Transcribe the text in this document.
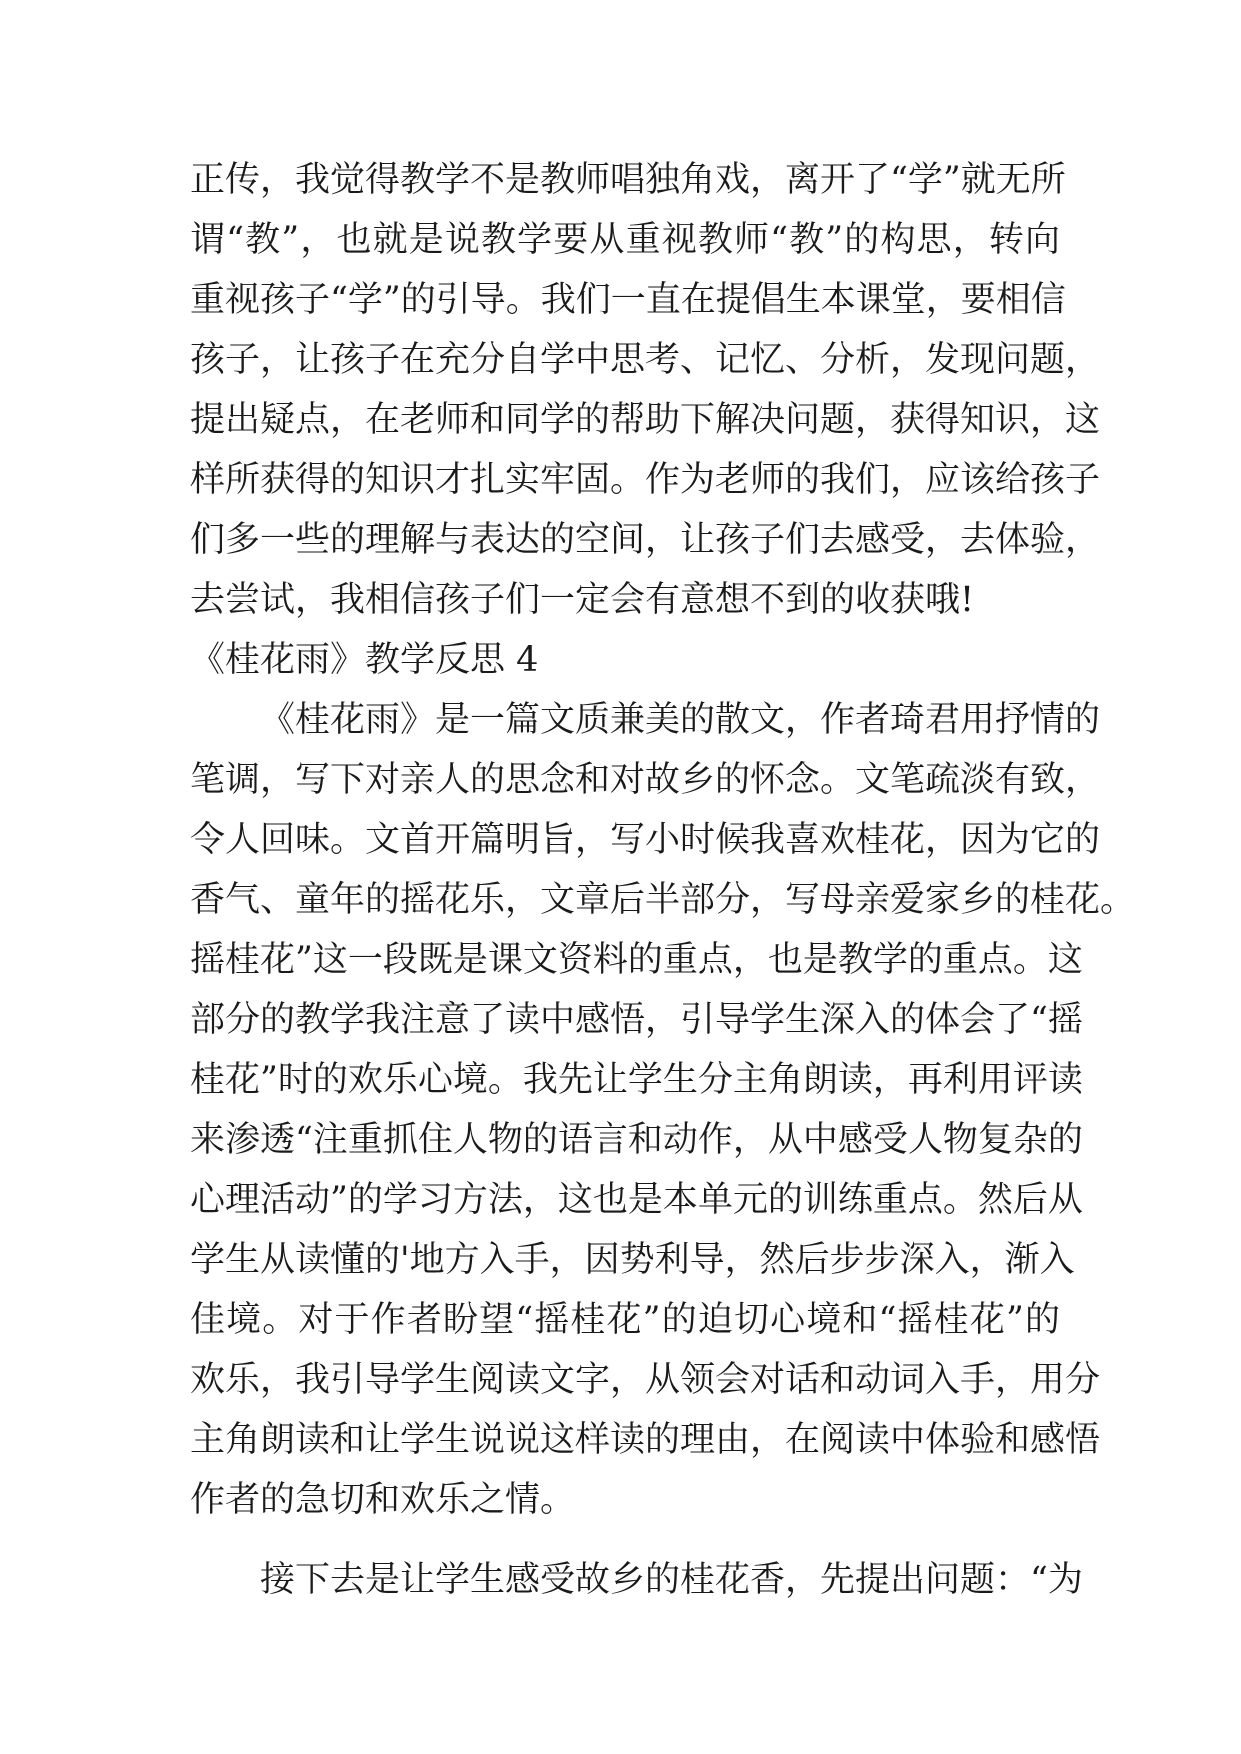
正传，我觉得教学不是教师唱独角戏，离开了“学”就无所
谓“教”，也就是说教学要从重视教师“教”的构思，转向
重视孩子“学”的引导。我们一直在提倡生本课堂，要相信
孩子，让孩子在充分自学中思考、记忆、分析，发现问题，
提出疑点，在老师和同学的帮助下解决问题，获得知识，这
样所获得的知识才扎实牢固。作为老师的我们，应该给孩子
们多一些的理解与表达的空间，让孩子们去感受，去体验，
去尝试，我相信孩子们一定会有意想不到的收获哦!
《桂花雨》教学反思 4
《桂花雨》是一篇文质兼美的散文，作者琦君用抒情的
笔调，写下对亲人的思念和对故乡的怀念。文笔疏淡有致，
令人回味。文首开篇明旨，写小时候我喜欢桂花，因为它的
香气、童年的摇花乐，文章后半部分，写母亲爱家乡的桂花。
摇桂花”这一段既是课文资料的重点，也是教学的重点。这
部分的教学我注意了读中感悟，引导学生深入的体会了“摇
桂花”时的欢乐心境。我先让学生分主角朗读，再利用评读
来渗透“注重抓住人物的语言和动作，从中感受人物复杂的
心理活动”的学习方法，这也是本单元的训练重点。然后从
学生从读懂的'地方入手，因势利导，然后步步深入，渐入
佳境。对于作者盼望“摇桂花”的迫切心境和“摇桂花”的
欢乐，我引导学生阅读文字，从领会对话和动词入手，用分
主角朗读和让学生说说这样读的理由，在阅读中体验和感悟
作者的急切和欢乐之情。
接下去是让学生感受故乡的桂花香，先提出问题：“为
